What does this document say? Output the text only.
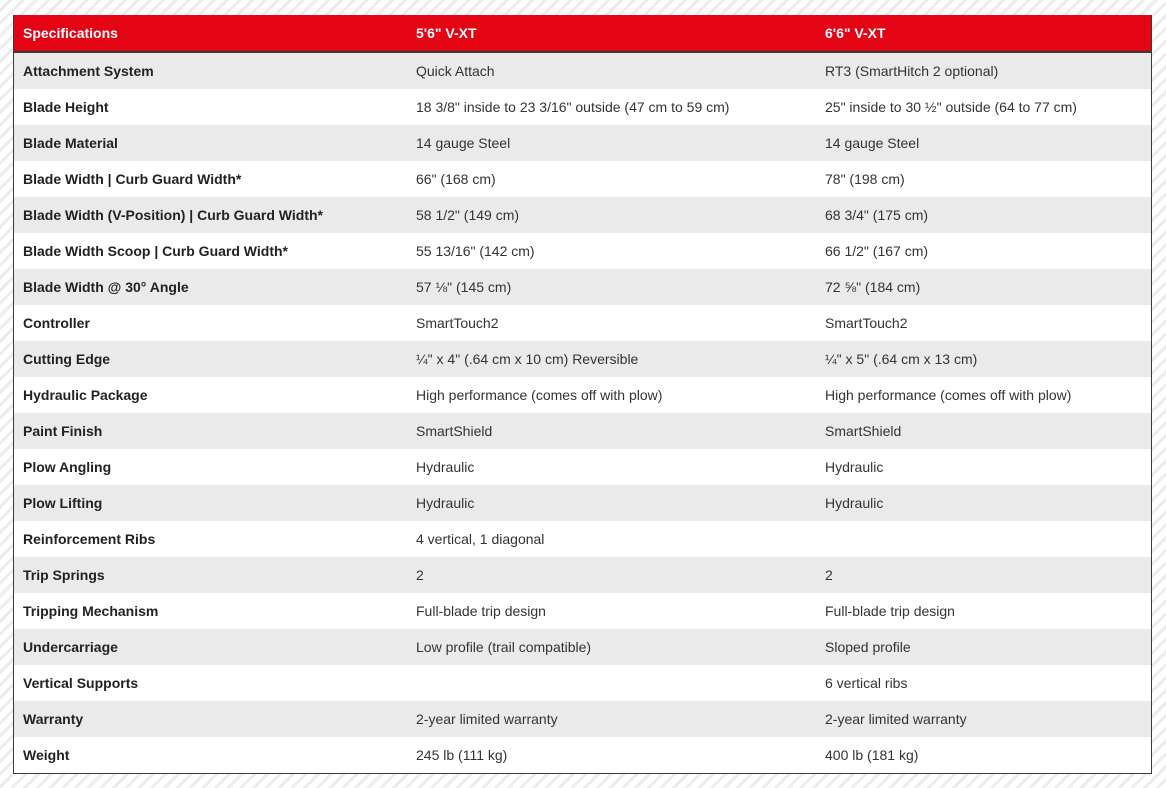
Specifications	5'6" V-XT	6'6" V-XT
Attachment System	Quick Attach	RT3 (SmartHitch 2 optional)
Blade Height	18 3/8" inside to 23 3/16" outside (47 cm to 59 cm)	25" inside to 30 ½" outside (64 to 77 cm)
Blade Material	14 gauge Steel	14 gauge Steel
Blade Width | Curb Guard Width*	66" (168 cm)	78" (198 cm)
Blade Width (V-Position) | Curb Guard Width*	58 1/2" (149 cm)	68 3/4" (175 cm)
Blade Width Scoop | Curb Guard Width*	55 13/16" (142 cm)	66 1/2" (167 cm)
Blade Width @ 30° Angle	57 ⅛" (145 cm)	72 ⅝" (184 cm)
Controller	SmartTouch2	SmartTouch2
Cutting Edge	¼" x 4" (.64 cm x 10 cm) Reversible	¼" x 5" (.64 cm x 13 cm)
Hydraulic Package	High performance (comes off with plow)	High performance (comes off with plow)
Paint Finish	SmartShield	SmartShield
Plow Angling	Hydraulic	Hydraulic
Plow Lifting	Hydraulic	Hydraulic
Reinforcement Ribs	4 vertical, 1 diagonal	
Trip Springs	2	2
Tripping Mechanism	Full-blade trip design	Full-blade trip design
Undercarriage	Low profile (trail compatible)	Sloped profile
Vertical Supports		6 vertical ribs
Warranty	2-year limited warranty	2-year limited warranty
Weight	245 lb (111 kg)	400 lb (181 kg)
